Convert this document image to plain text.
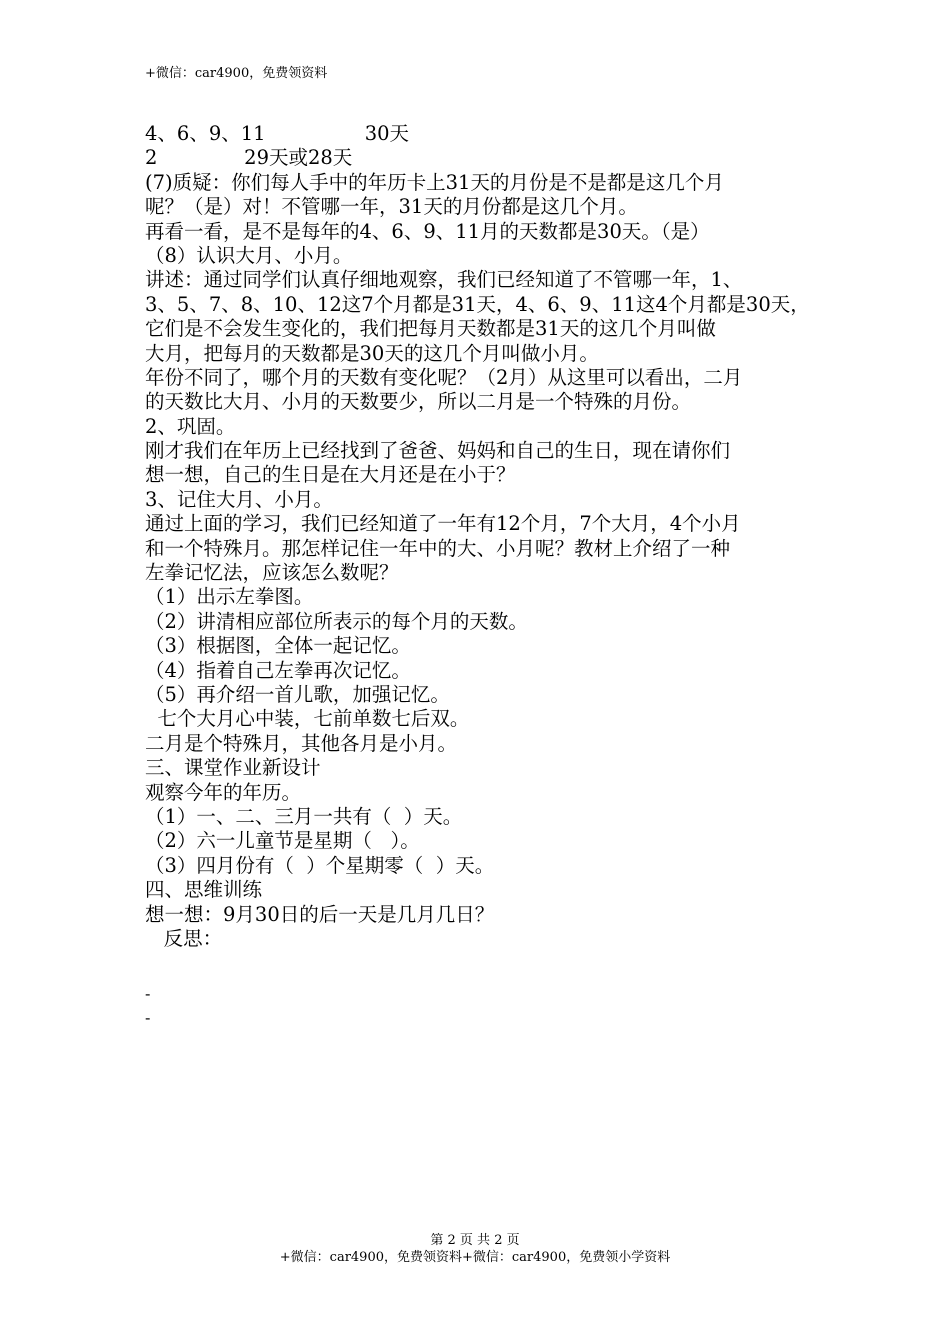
+微信：car4900，免费领资料
4、6、9、11                30天
2              29天或28天
(7)质疑：你们每人手中的年历卡上31天的月份是不是都是这几个月
呢？（是）对！不管哪一年，31天的月份都是这几个月。
再看一看，是不是每年的4、6、9、11月的天数都是30天。（是）
（8）认识大月、小月。
讲述：通过同学们认真仔细地观察，我们已经知道了不管哪一年，1、
3、5、7、8、10、12这7个月都是31天，4、6、9、11这4个月都是30天，
它们是不会发生变化的，我们把每月天数都是31天的这几个月叫做
大月，把每月的天数都是30天的这几个月叫做小月。
年份不同了，哪个月的天数有变化呢？（2月）从这里可以看出，二月
的天数比大月、小月的天数要少，所以二月是一个特殊的月份。
2、巩固。
刚才我们在年历上已经找到了爸爸、妈妈和自己的生日，现在请你们
想一想，自己的生日是在大月还是在小于？
3、记住大月、小月。
通过上面的学习，我们已经知道了一年有12个月，7个大月，4个小月
和一个特殊月。那怎样记住一年中的大、小月呢？教材上介绍了一种
左拳记忆法，应该怎么数呢？
（1）出示左拳图。
（2）讲清相应部位所表示的每个月的天数。
（3）根据图，全体一起记忆。
（4）指着自己左拳再次记忆。
（5）再介绍一首儿歌，加强记忆。
七个大月心中装，七前单数七后双。
二月是个特殊月，其他各月是小月。
三、课堂作业新设计
观察今年的年历。
（1）一、二、三月一共有（  ）天。
（2）六一儿童节是星期（   ）。
（3）四月份有（  ）个星期零（  ）天。
四、思维训练
想一想：9月30日的后一天是几月几日？
反思：
-
-
第 2 页 共 2 页
+微信：car4900，免费领资料+微信：car4900，免费领小学资料
